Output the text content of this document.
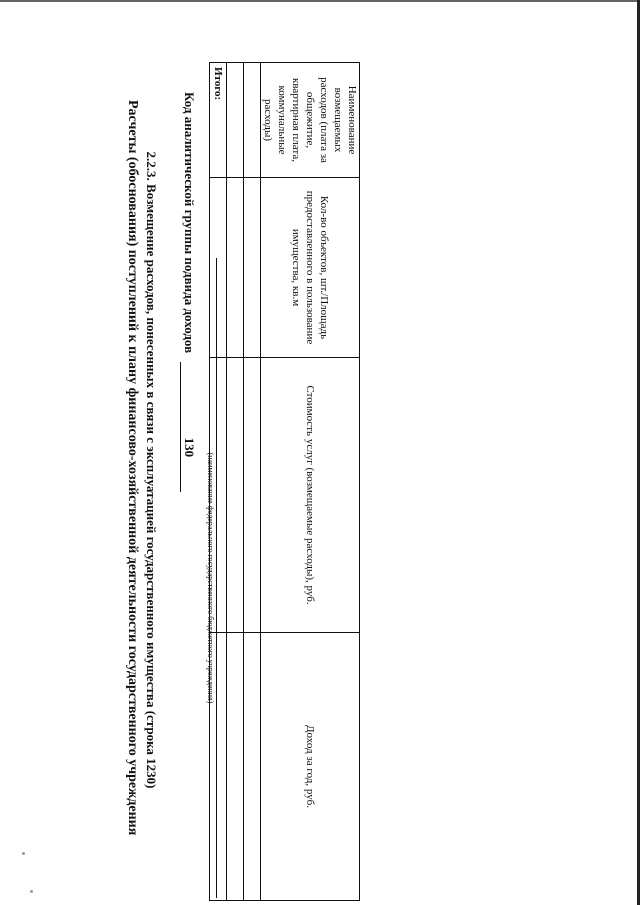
Расчеты (обоснования) поступлений к плану финансово-хозяйственной деятельности государственного учреждения 2.2.3. Возмещение расходов, понесенных в связи с эксплуатацией государственного имущества (строка 1230) Код аналитической группы подвида доходов 130
(наименование федерального государственного бюджетного учреждения)
Наименование возмещаемых расходов (плата за общежитие, квартирная плата, коммунальные расходы)	Кол-во объектов, шт./Площадь предоставленного в пользование имущества, кв.м	Стоимость услуг (возмещаемые расходы), руб.	Доход за год, руб.

Итого:			
